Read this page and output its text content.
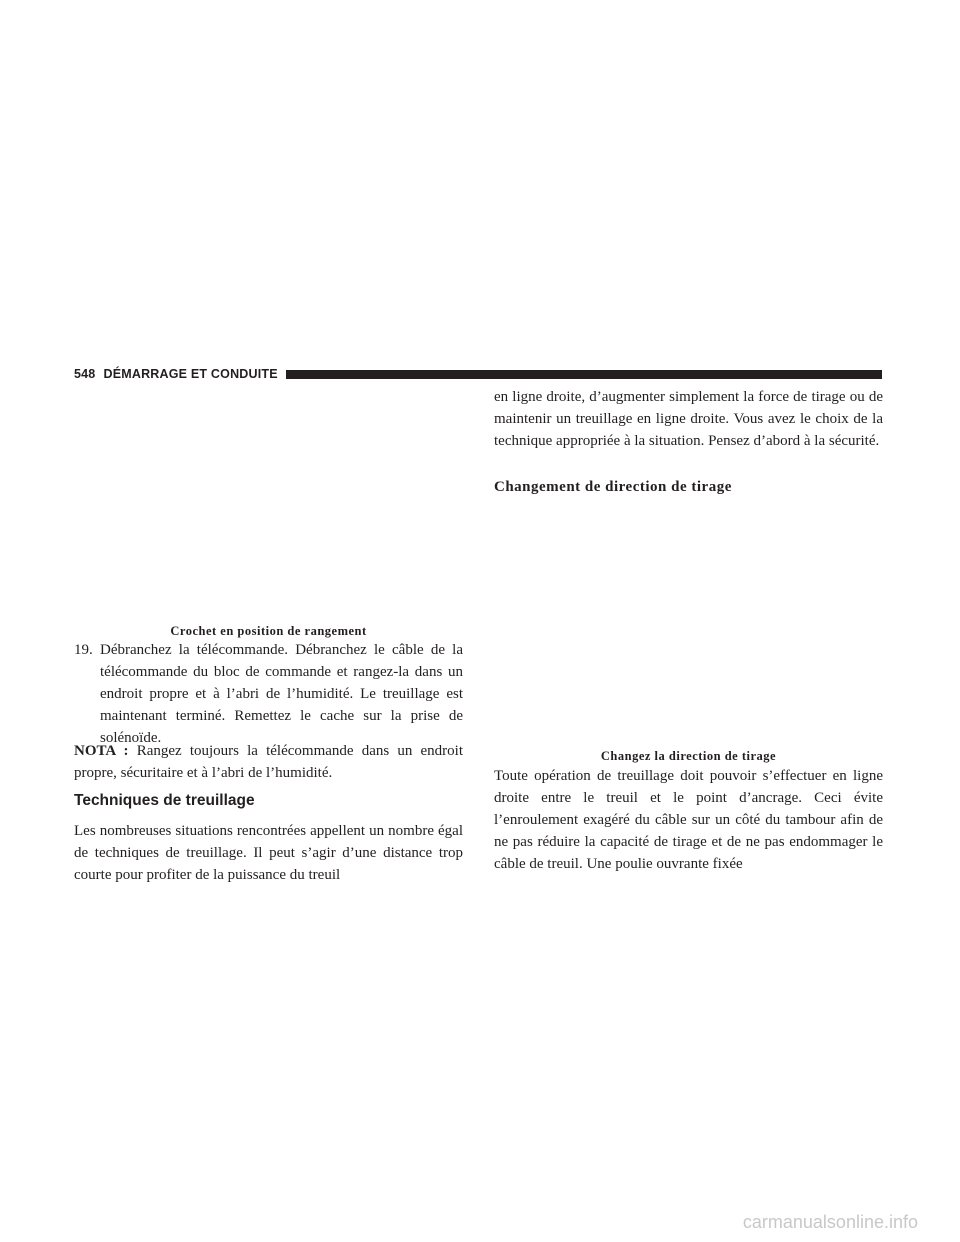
548 DÉMARRAGE ET CONDUITE

en ligne droite, d’augmenter simplement la force de tirage ou de maintenir un treuillage en ligne droite. Vous avez le choix de la technique appropriée à la situation. Pensez d’abord à la sécurité.

Changement de direction de tirage
Crochet en position de rangement
19. Débranchez la télécommande. Débranchez le câble de la télécommande du bloc de commande et rangez-la dans un endroit propre et à l’abri de l’humidité. Le treuillage est maintenant terminé. Remettez le cache sur la prise de solénoïde.

NOTA : Rangez toujours la télécommande dans un endroit propre, sécuritaire et à l’abri de l’humidité.

Techniques de treuillage

Les nombreuses situations rencontrées appellent un nombre égal de techniques de treuillage. Il peut s’agir d’une distance trop courte pour profiter de la puissance du treuil

Changez la direction de tirage

Toute opération de treuillage doit pouvoir s’effectuer en ligne droite entre le treuil et le point d’ancrage. Ceci évite l’enroulement exagéré du câble sur un côté du tambour afin de ne pas réduire la capacité de tirage et de ne pas endommager le câble de treuil. Une poulie ouvrante fixée

carmanualsonline.info
